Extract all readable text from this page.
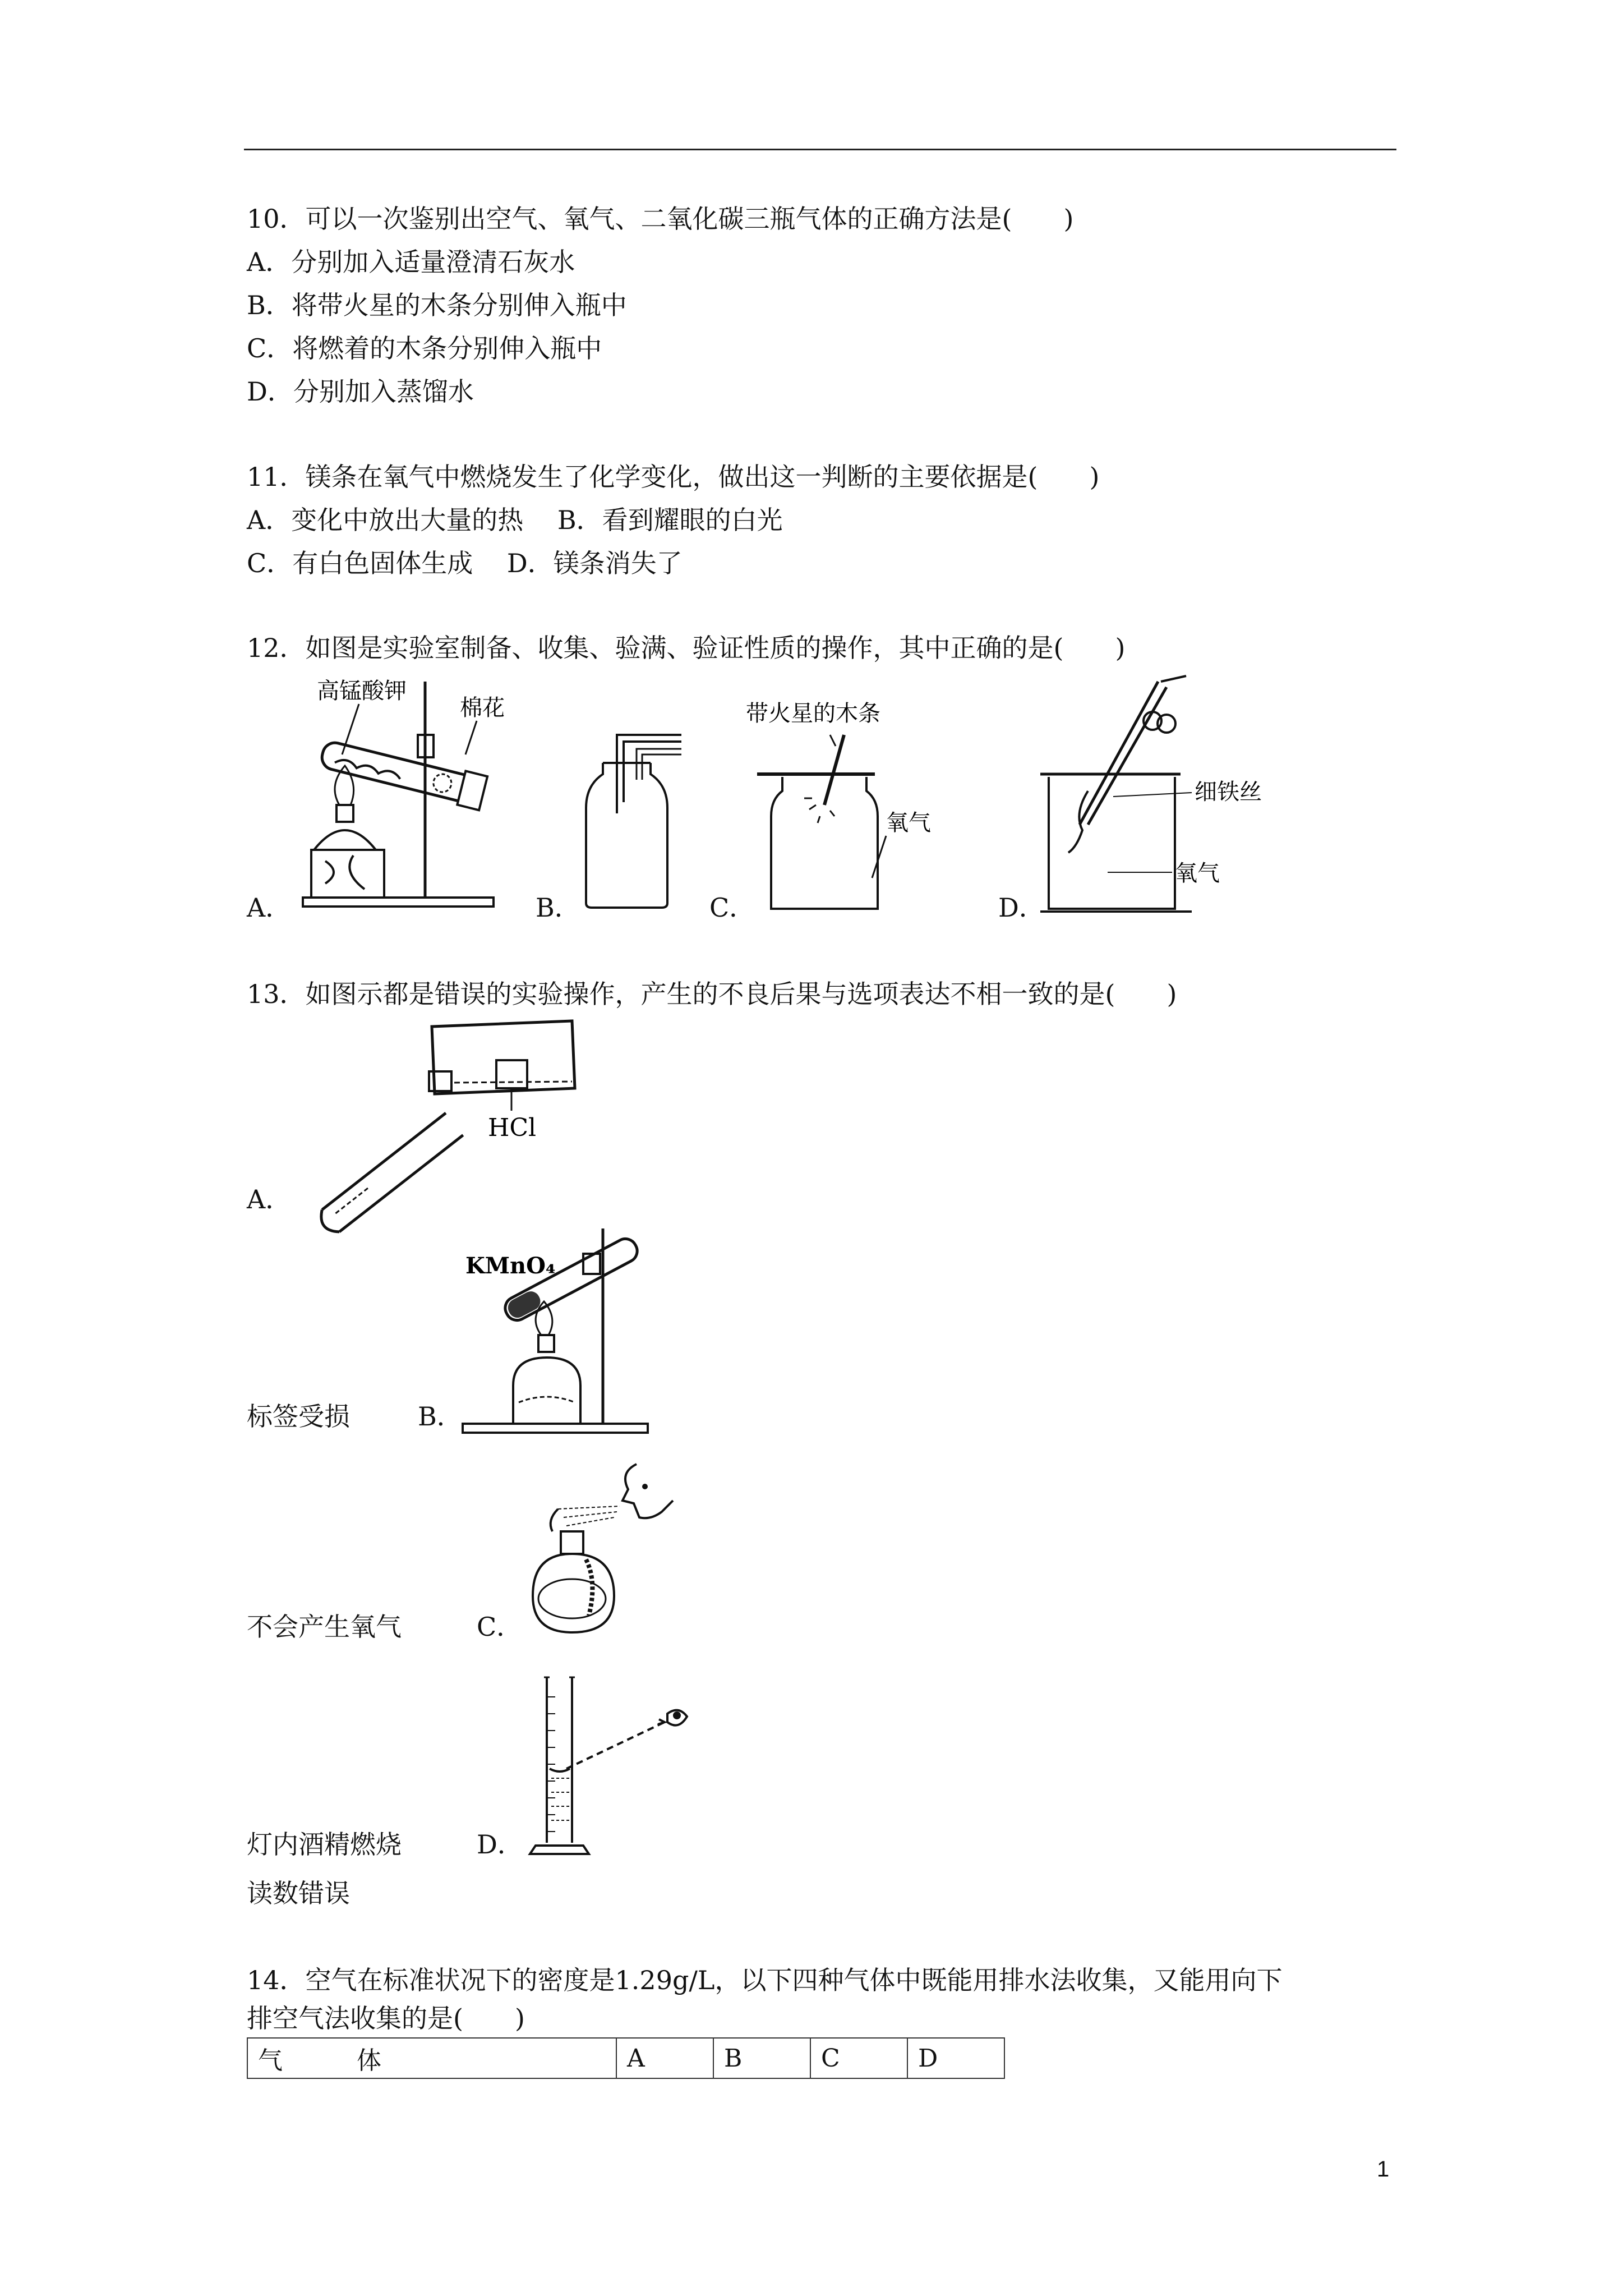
10．可以一次鉴别出空气、氧气、二氧化碳三瓶气体的正确方法是(　　)
A．分别加入适量澄清石灰水
B．将带火星的木条分别伸入瓶中
C．将燃着的木条分别伸入瓶中
D．分别加入蒸馏水
11．镁条在氧气中燃烧发生了化学变化，做出这一判断的主要依据是(　　)
A．变化中放出大量的热　 B．看到耀眼的白光
C．有白色固体生成　 D．镁条消失了
12．如图是实验室制备、收集、验满、验证性质的操作，其中正确的是(　　)
A．	B．	C．	D．
高锰酸钾
棉花	带火星的木条
氧气
细铁丝
氧气
13．如图示都是错误的实验操作，产生的不良后果与选项表达不相一致的是(　　)
HCl
A．
KMnO₄
标签受损	B．
不会产生氧气	C．
灯内酒精燃烧	D．
读数错误
14．空气在标准状况下的密度是1.29g/L，以下四种气体中既能用排水法收集，又能用向下
排空气法收集的是(　　)
气　　　体	A	B	C	D
1
